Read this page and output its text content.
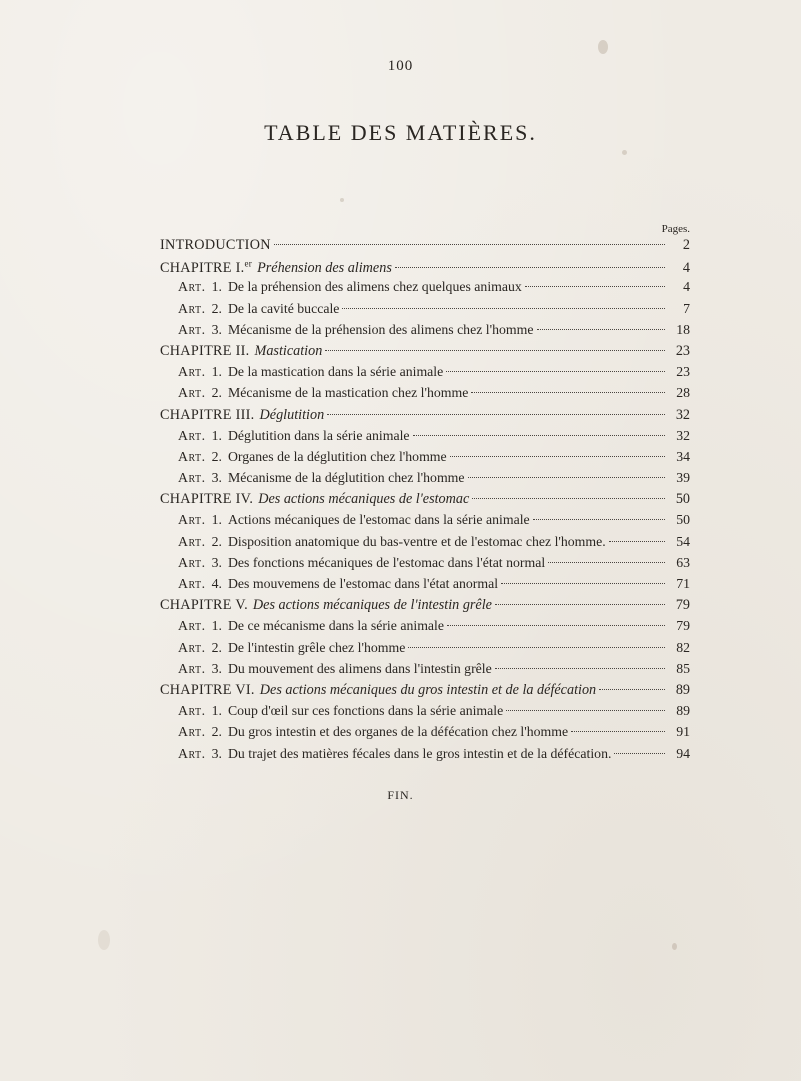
100
TABLE DES MATIÈRES.
Pages.
INTRODUCTION	2
CHAPITRE I.$^{er}$ Préhension des alimens	4
Art. 1. De la préhension des alimens chez quelques animaux	4
Art. 2. De la cavité buccale	7
Art. 3. Mécanisme de la préhension des alimens chez l'homme	18
CHAPITRE II. Mastication	23
Art. 1. De la mastication dans la série animale	23
Art. 2. Mécanisme de la mastication chez l'homme	28
CHAPITRE III. Déglutition	32
Art. 1. Déglutition dans la série animale	32
Art. 2. Organes de la déglutition chez l'homme	34
Art. 3. Mécanisme de la déglutition chez l'homme	39
CHAPITRE IV. Des actions mécaniques de l'estomac	50
Art. 1. Actions mécaniques de l'estomac dans la série animale	50
Art. 2. Disposition anatomique du bas-ventre et de l'estomac chez l'homme.	54
Art. 3. Des fonctions mécaniques de l'estomac dans l'état normal	63
Art. 4. Des mouvemens de l'estomac dans l'état anormal	71
CHAPITRE V. Des actions mécaniques de l'intestin grêle	79
Art. 1. De ce mécanisme dans la série animale	79
Art. 2. De l'intestin grêle chez l'homme	82
Art. 3. Du mouvement des alimens dans l'intestin grêle	85
CHAPITRE VI. Des actions mécaniques du gros intestin et de la défécation	89
Art. 1. Coup d'œil sur ces fonctions dans la série animale	89
Art. 2. Du gros intestin et des organes de la défécation chez l'homme	91
Art. 3. Du trajet des matières fécales dans le gros intestin et de la défécation.	94
FIN.
